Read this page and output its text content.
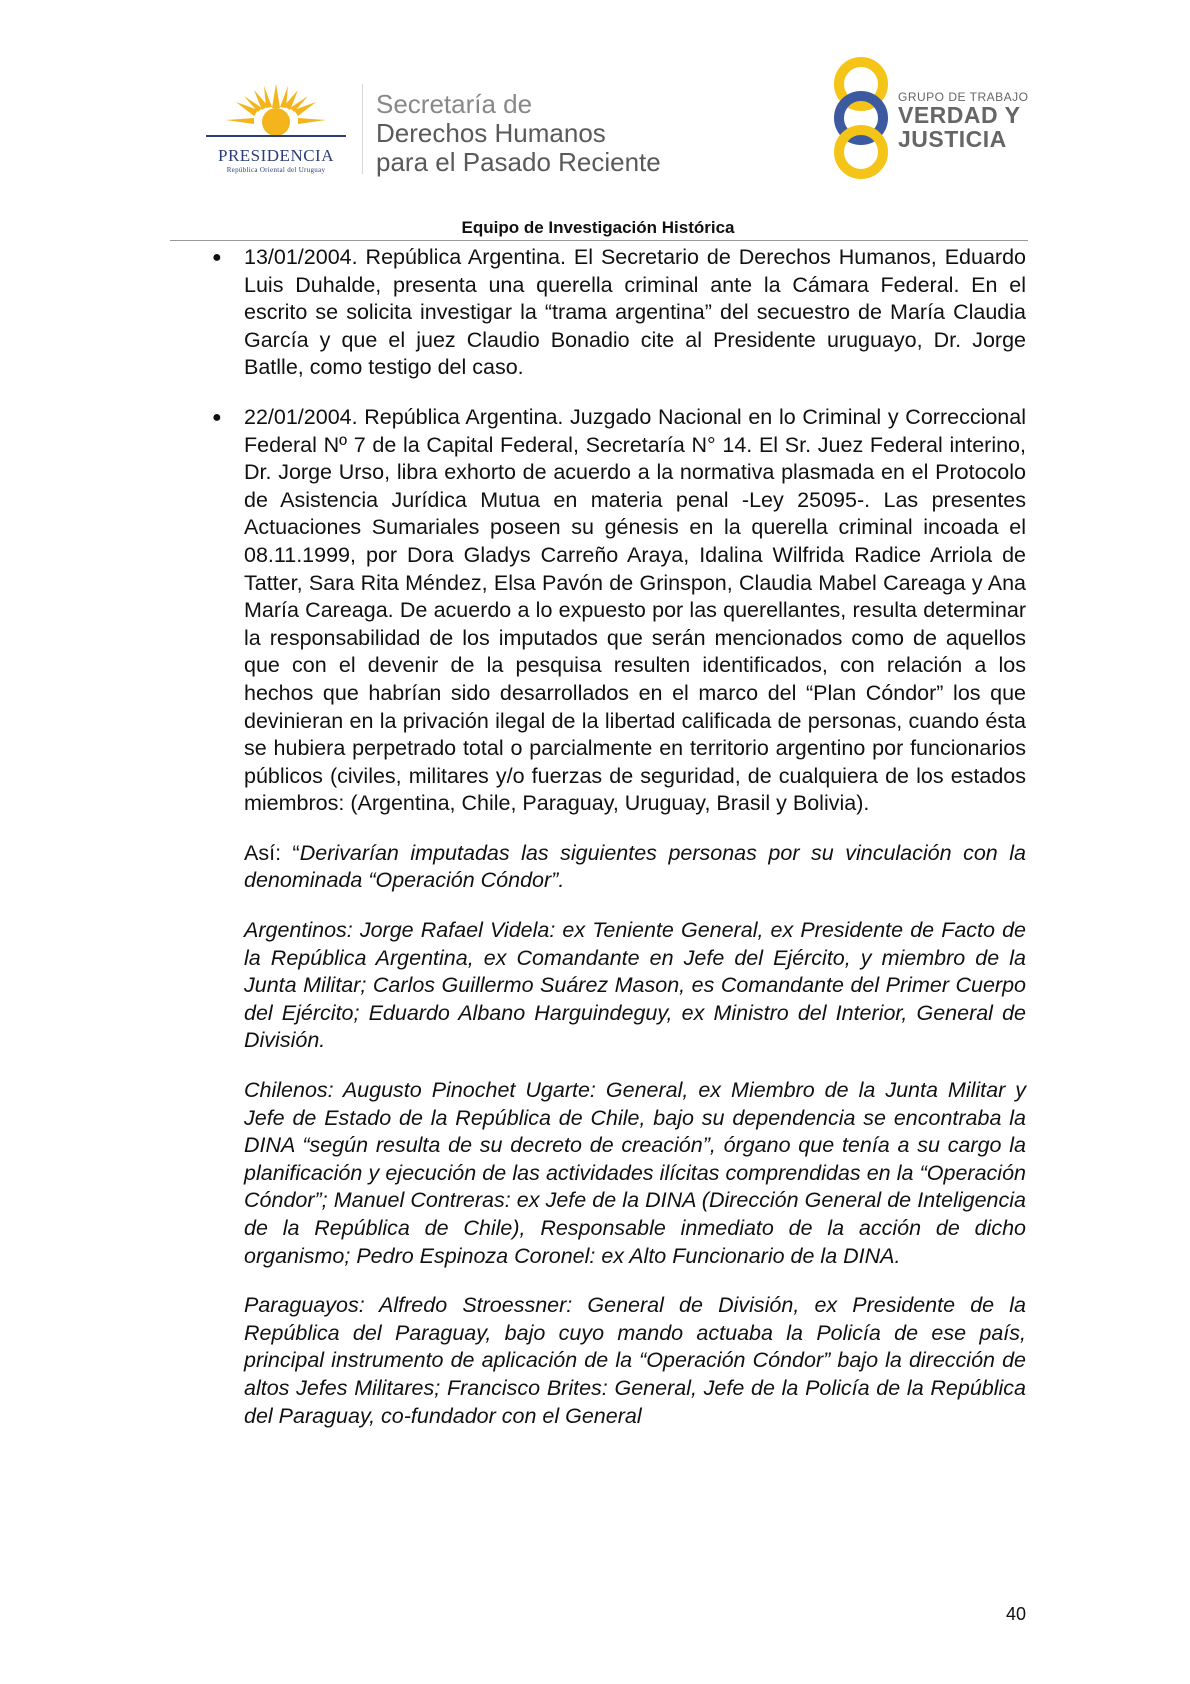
PRESIDENCIA
República Oriental del Uruguay
Secretaría de
Derechos Humanos
para el Pasado Reciente
GRUPO DE TRABAJO
VERDAD Y
JUSTICIA
Equipo de Investigación Histórica
● 13/01/2004. República Argentina. El Secretario de Derechos Humanos, Eduardo Luis Duhalde, presenta una querella criminal ante la Cámara Federal. En el escrito se solicita investigar la “trama argentina” del secuestro de María Claudia García y que el juez Claudio Bonadio cite al Presidente uruguayo, Dr. Jorge Batlle, como testigo del caso.

● 22/01/2004. República Argentina. Juzgado Nacional en lo Criminal y Correccional Federal Nº 7 de la Capital Federal, Secretaría N° 14. El Sr. Juez Federal interino, Dr. Jorge Urso, libra exhorto de acuerdo a la normativa plasmada en el Protocolo de Asistencia Jurídica Mutua en materia penal -Ley 25095-. Las presentes Actuaciones Sumariales poseen su génesis en la querella criminal incoada el 08.11.1999, por Dora Gladys Carreño Araya, Idalina Wilfrida Radice Arriola de Tatter, Sara Rita Méndez, Elsa Pavón de Grinspon, Claudia Mabel Careaga y Ana María Careaga. De acuerdo a lo expuesto por las querellantes, resulta determinar la responsabilidad de los imputados que serán mencionados como de aquellos que con el devenir de la pesquisa resulten identificados, con relación a los hechos que habrían sido desarrollados en el marco del “Plan Cóndor” los que devinieran en la privación ilegal de la libertad calificada de personas, cuando ésta se hubiera perpetrado total o parcialmente en territorio argentino por funcionarios públicos (civiles, militares y/o fuerzas de seguridad, de cualquiera de los estados miembros: (Argentina, Chile, Paraguay, Uruguay, Brasil y Bolivia).

Así: “Derivarían imputadas las siguientes personas por su vinculación con la denominada “Operación Cóndor”.

Argentinos: Jorge Rafael Videla: ex Teniente General, ex Presidente de Facto de la República Argentina, ex Comandante en Jefe del Ejército, y miembro de la Junta Militar; Carlos Guillermo Suárez Mason, es Comandante del Primer Cuerpo del Ejército; Eduardo Albano Harguindeguy, ex Ministro del Interior, General de División.

Chilenos: Augusto Pinochet Ugarte: General, ex Miembro de la Junta Militar y Jefe de Estado de la República de Chile, bajo su dependencia se encontraba la DINA “según resulta de su decreto de creación”, órgano que tenía a su cargo la planificación y ejecución de las actividades ilícitas comprendidas en la “Operación Cóndor”; Manuel Contreras: ex Jefe de la DINA (Dirección General de Inteligencia de la República de Chile), Responsable inmediato de la acción de dicho organismo; Pedro Espinoza Coronel: ex Alto Funcionario de la DINA.

Paraguayos: Alfredo Stroessner: General de División, ex Presidente de la República del Paraguay, bajo cuyo mando actuaba la Policía de ese país, principal instrumento de aplicación de la “Operación Cóndor” bajo la dirección de altos Jefes Militares; Francisco Brites: General, Jefe de la Policía de la República del Paraguay, co-fundador con el General

40
